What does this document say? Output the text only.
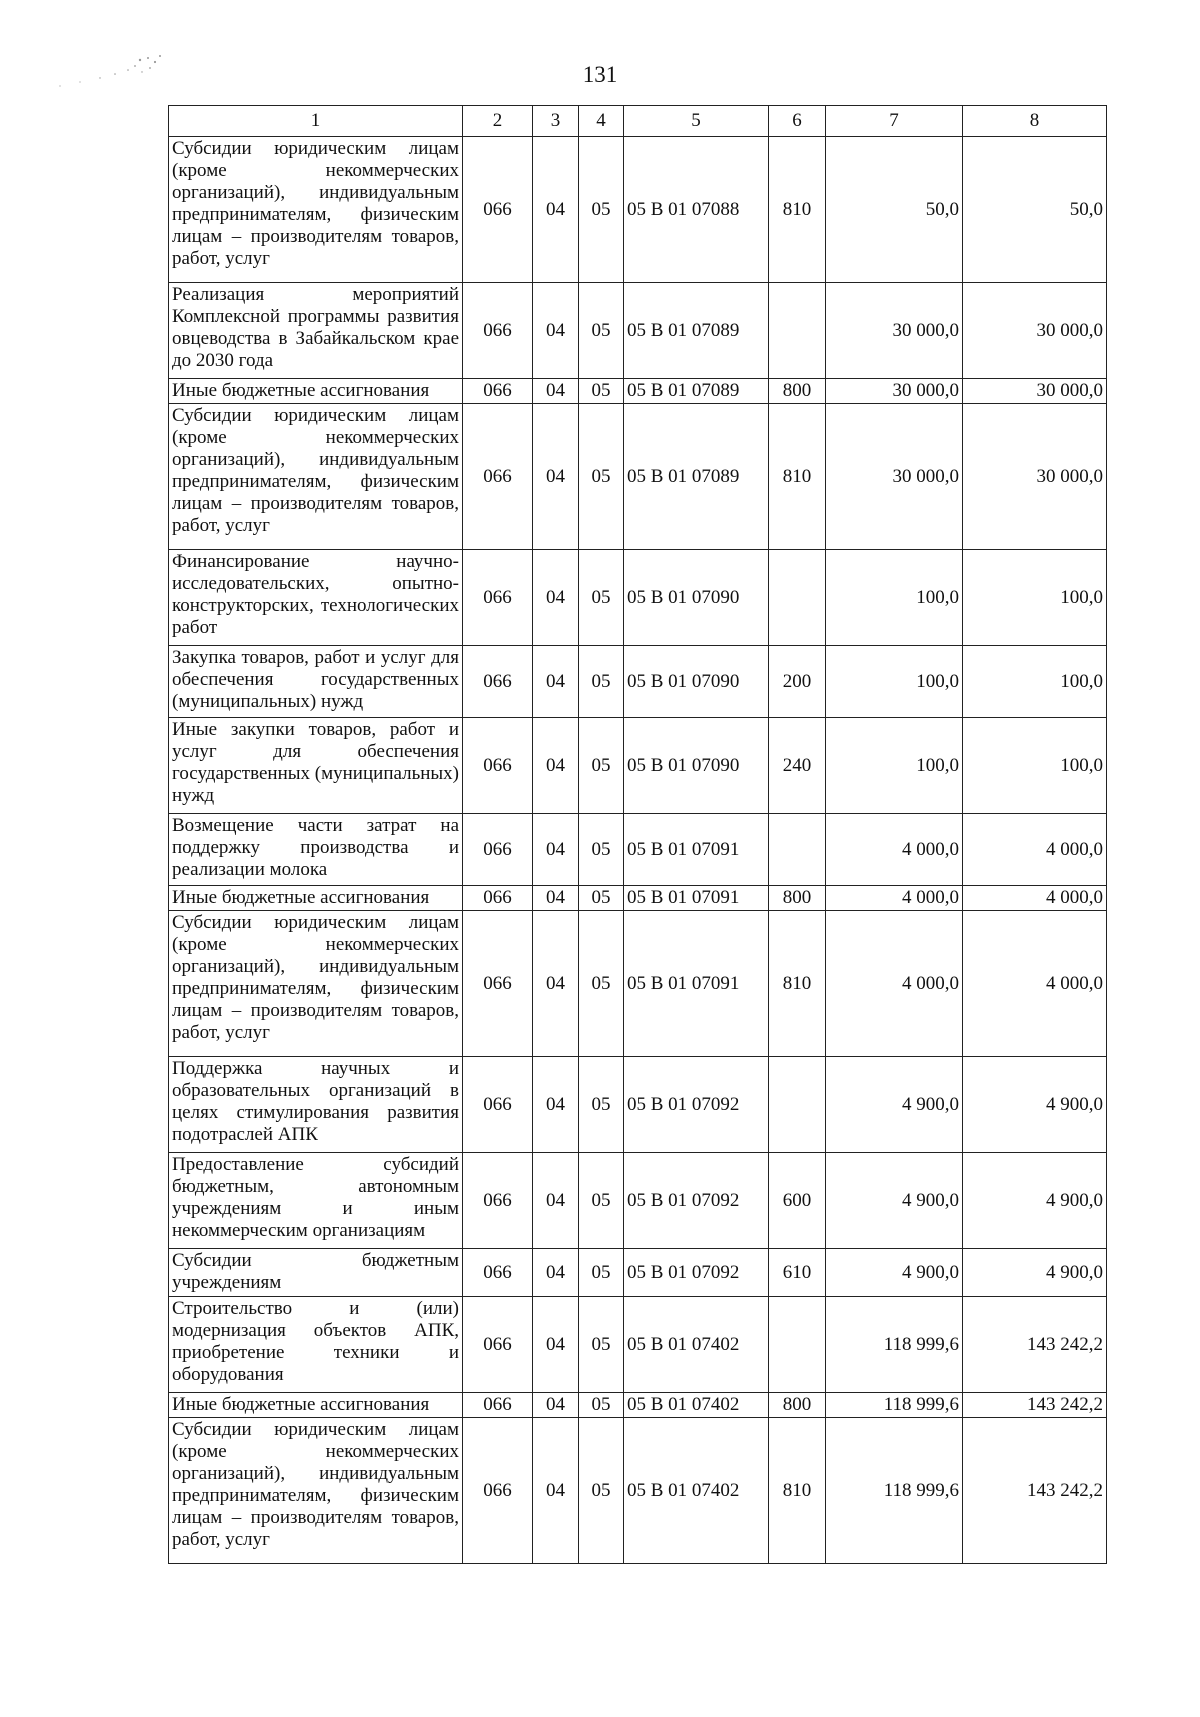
131
1	2	3	4	5	6	7	8
Субсидии юридическим лицам (кроме некоммерческих организаций), индивидуальным предпринимателям, физическим лицам – производителям товаров, работ, услуг	066	04	05	05 В 01 07088	810	50,0	50,0
Реализация мероприятий Комплексной программы развития овцеводства в Забайкальском крае до 2030 года	066	04	05	05 В 01 07089		30 000,0	30 000,0
Иные бюджетные ассигнования	066	04	05	05 В 01 07089	800	30 000,0	30 000,0
Субсидии юридическим лицам (кроме некоммерческих организаций), индивидуальным предпринимателям, физическим лицам – производителям товаров, работ, услуг	066	04	05	05 В 01 07089	810	30 000,0	30 000,0
Финансирование научно-исследовательских, опытно-конструкторских, технологических работ	066	04	05	05 В 01 07090		100,0	100,0
Закупка товаров, работ и услуг для обеспечения государственных (муниципальных) нужд	066	04	05	05 В 01 07090	200	100,0	100,0
Иные закупки товаров, работ и услуг для обеспечения государственных (муниципальных) нужд	066	04	05	05 В 01 07090	240	100,0	100,0
Возмещение части затрат на поддержку производства и реализации молока	066	04	05	05 В 01 07091		4 000,0	4 000,0
Иные бюджетные ассигнования	066	04	05	05 В 01 07091	800	4 000,0	4 000,0
Субсидии юридическим лицам (кроме некоммерческих организаций), индивидуальным предпринимателям, физическим лицам – производителям товаров, работ, услуг	066	04	05	05 В 01 07091	810	4 000,0	4 000,0
Поддержка научных и образовательных организаций в целях стимулирования развития подотраслей АПК	066	04	05	05 В 01 07092		4 900,0	4 900,0
Предоставление субсидий бюджетным, автономным учреждениям и иным некоммерческим организациям	066	04	05	05 В 01 07092	600	4 900,0	4 900,0
Субсидии бюджетным учреждениям	066	04	05	05 В 01 07092	610	4 900,0	4 900,0
Строительство и (или) модернизация объектов АПК, приобретение техники и оборудования	066	04	05	05 В 01 07402		118 999,6	143 242,2
Иные бюджетные ассигнования	066	04	05	05 В 01 07402	800	118 999,6	143 242,2
Субсидии юридическим лицам (кроме некоммерческих организаций), индивидуальным предпринимателям, физическим лицам – производителям товаров, работ, услуг	066	04	05	05 В 01 07402	810	118 999,6	143 242,2
